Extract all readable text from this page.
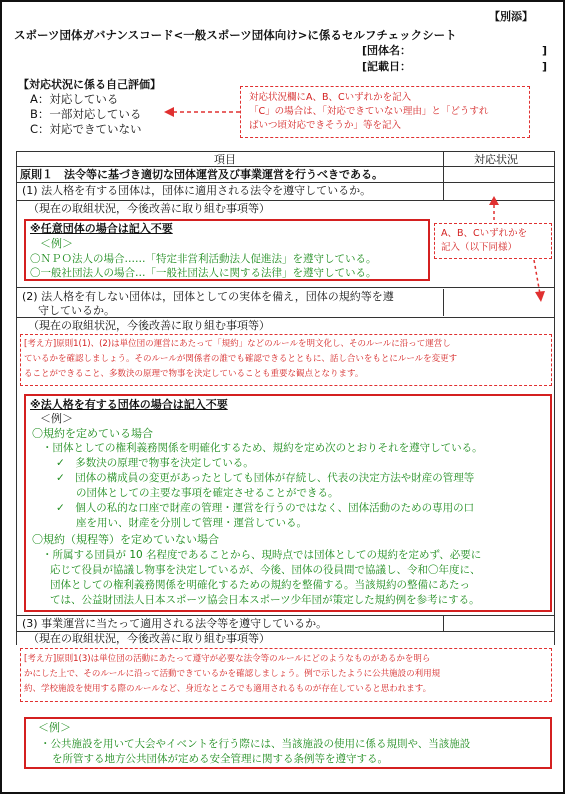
【別添】
スポーツ団体ガバナンスコード<一般スポーツ団体向け>に係るセルフチェックシート
[団体名：	]
[記載日：	]
【対応状況に係る自己評価】
A：対応している
B：一部対応している
C：対応できていない
対応状況欄にA、B、Cいずれかを記入
「C」の場合は、「対応できていない理由」と「どうすれ
ばいつ頃対応できそうか」等を記入
項目	対応状況
原則１　法令等に基づき適切な団体運営及び事業運営を行うべきである。
(1) 法人格を有する団体は，団体に適用される法令を遵守しているか。
（現在の取組状況，今後改善に取り組む事項等）
A、B、Cいずれかを
記入（以下同様）
※任意団体の場合は記入不要
＜例＞
〇ＮＰＯ法人の場合……「特定非営利活動法人促進法」を遵守している。
〇一般社団法人の場合…「一般社団法人に関する法律」を遵守している。
(2) 法人格を有しない団体は，団体としての実体を備え，団体の規約等を遵
守しているか。
（現在の取組状況，今後改善に取り組む事項等）
[考え方]原則1(1)、(2)は単位団の運営にあたって「規約」などのルールを明文化し、そのルールに沿って運営し
ているかを確認しましょう。そのルールが関係者の誰でも確認できるとともに、話し合いをもとにルールを変更す
ることができること、多数決の原理で物事を決定していることも重要な観点となります。
※法人格を有する団体の場合は記入不要
＜例＞
〇規約を定めている場合
・団体としての権利義務関係を明確化するため、規約を定め次のとおりそれを遵守している。
✓　多数決の原理で物事を決定している。
✓　団体の構成員の変更があったとしても団体が存続し、代表の決定方法や財産の管理等
の団体としての主要な事項を確定させることができる。
✓　個人の私的な口座で財産の管理・運営を行うのではなく、団体活動のための専用の口
座を用い、財産を分別して管理・運営している。
〇規約（規程等）を定めていない場合
・所属する団員が 10 名程度であることから、現時点では団体としての規約を定めず、必要に
応じて役員が協議し物事を決定しているが、今後、団体の役員間で協議し、令和〇年度に、
団体としての権利義務関係を明確化するための規約を整備する。当該規約の整備にあたっ
ては、公益財団法人日本スポーツ協会日本スポーツ少年団が策定した規約例を参考にする。
(3) 事業運営に当たって適用される法令等を遵守しているか。
（現在の取組状況，今後改善に取り組む事項等）
[考え方]原則1(3)は単位団の活動にあたって遵守が必要な法令等のルールにどのようなものがあるかを明ら
かにした上で、そのルールに沿って活動できているかを確認しましょう。例で示したように公共施設の利用規
約、学校施設を使用する際のルールなど、身近なところでも適用されるものが存在していると思われます。
＜例＞
・公共施設を用いて大会やイベントを行う際には、当該施設の使用に係る規則や、当該施設
を所管する地方公共団体が定める安全管理に関する条例等を遵守する。
